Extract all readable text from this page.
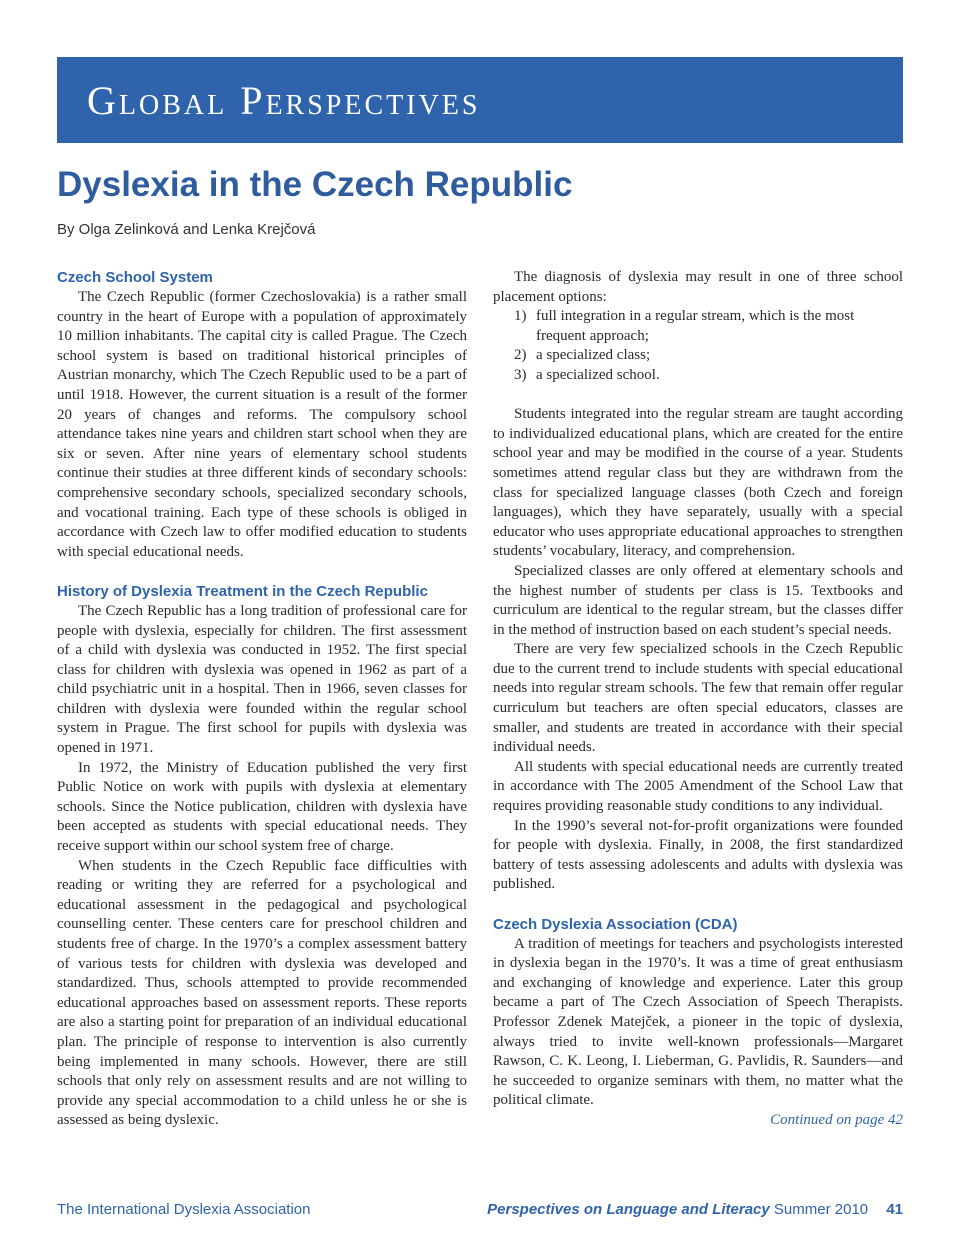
Global Perspectives
Dyslexia in the Czech Republic
By Olga Zelinková and Lenka Krejčová
Czech School System

The Czech Republic (former Czechoslovakia) is a rather small country in the heart of Europe with a population of approximately 10 million inhabitants. The capital city is called Prague. The Czech school system is based on traditional historical principles of Austrian monarchy, which The Czech Republic used to be a part of until 1918. However, the current situation is a result of the former 20 years of changes and reforms. The compulsory school attendance takes nine years and children start school when they are six or seven. After nine years of elementary school students continue their studies at three different kinds of secondary schools: comprehensive secondary schools, specialized secondary schools, and vocational training. Each type of these schools is obliged in accordance with Czech law to offer modified education to students with special educational needs.

History of Dyslexia Treatment in the Czech Republic

The Czech Republic has a long tradition of professional care for people with dyslexia, especially for children. The first assessment of a child with dyslexia was conducted in 1952. The first special class for children with dyslexia was opened in 1962 as part of a child psychiatric unit in a hospital. Then in 1966, seven classes for children with dyslexia were founded within the regular school system in Prague. The first school for pupils with dyslexia was opened in 1971.

In 1972, the Ministry of Education published the very first Public Notice on work with pupils with dyslexia at elementary schools. Since the Notice publication, children with dyslexia have been accepted as students with special educational needs. They receive support within our school system free of charge.

When students in the Czech Republic face difficulties with reading or writing they are referred for a psychological and educational assessment in the pedagogical and psychological counselling center. These centers care for preschool children and students free of charge. In the 1970’s a complex assessment battery of various tests for children with dyslexia was developed and standardized. Thus, schools attempted to provide recommended educational approaches based on assessment reports. These reports are also a starting point for preparation of an individual educational plan. The principle of response to intervention is also currently being implemented in many schools. However, there are still schools that only rely on assessment results and are not willing to provide any special accommodation to a child unless he or she is assessed as being dyslexic.

The diagnosis of dyslexia may result in one of three school placement options:

1) full integration in a regular stream, which is the most frequent approach;
2) a specialized class;
3) a specialized school.

Students integrated into the regular stream are taught according to individualized educational plans, which are created for the entire school year and may be modified in the course of a year. Students sometimes attend regular class but they are withdrawn from the class for specialized language classes (both Czech and foreign languages), which they have separately, usually with a special educator who uses appropriate educational approaches to strengthen students’ vocabulary, literacy, and comprehension.

Specialized classes are only offered at elementary schools and the highest number of students per class is 15. Textbooks and curriculum are identical to the regular stream, but the classes differ in the method of instruction based on each student’s special needs.

There are very few specialized schools in the Czech Republic due to the current trend to include students with special educational needs into regular stream schools. The few that remain offer regular curriculum but teachers are often special educators, classes are smaller, and students are treated in accordance with their special individual needs.

All students with special educational needs are currently treated in accordance with The 2005 Amendment of the School Law that requires providing reasonable study conditions to any individual.

In the 1990’s several not-for-profit organizations were founded for people with dyslexia. Finally, in 2008, the first standardized battery of tests assessing adolescents and adults with dyslexia was published.

Czech Dyslexia Association (CDA)

A tradition of meetings for teachers and psychologists interested in dyslexia began in the 1970’s. It was a time of great enthusiasm and exchanging of knowledge and experience. Later this group became a part of The Czech Association of Speech Therapists. Professor Zdenek Matejček, a pioneer in the topic of dyslexia, always tried to invite well-known professionals—Margaret Rawson, C. K. Leong, I. Lieberman, G. Pavlidis, R. Saunders—and he succeeded to organize seminars with them, no matter what the political climate.

Continued on page 42
The International Dyslexia Association	Perspectives on Language and Literacy Summer 2010 41
